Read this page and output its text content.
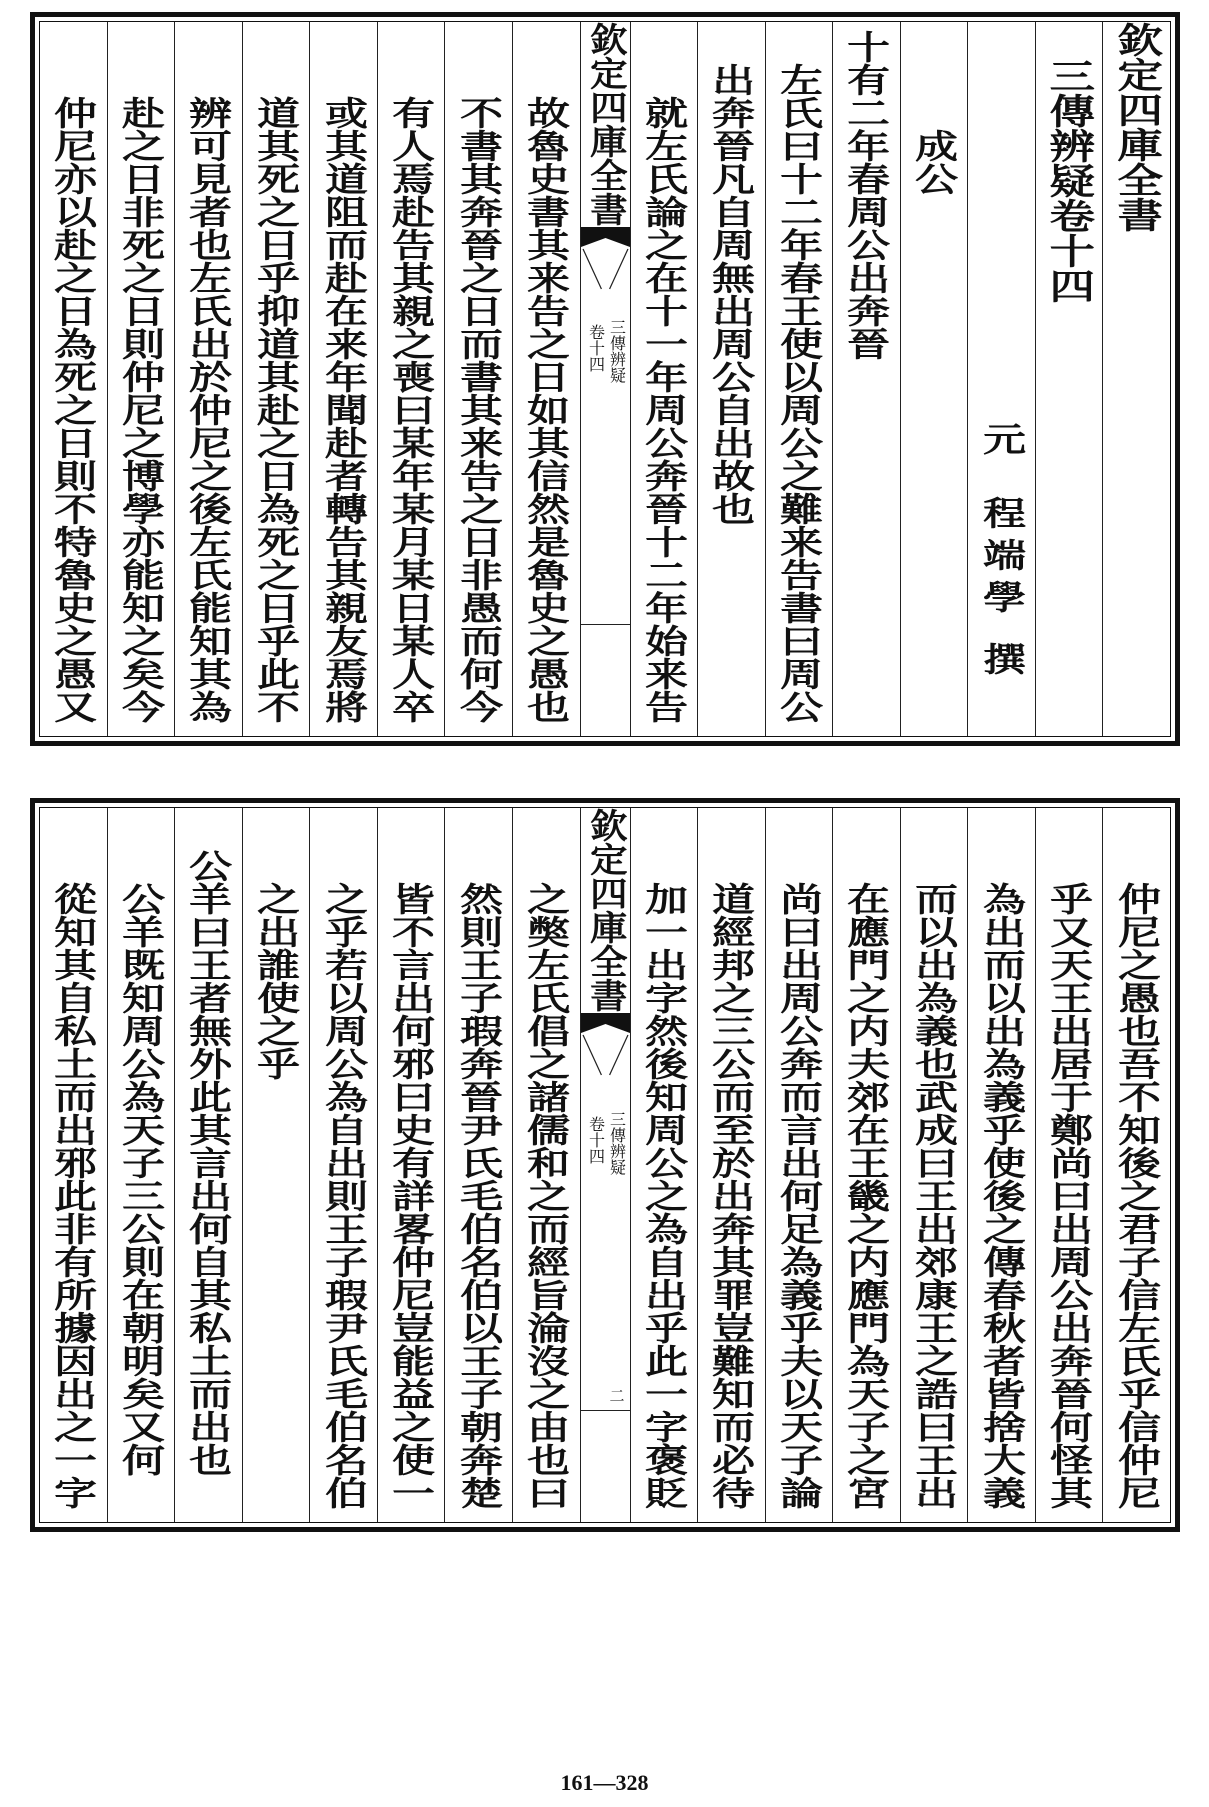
欽定四庫全書
三傳辨疑卷十四
元
程端學
撰
成公
十有二年春周公出奔晉
左氏曰十二年春王使以周公之難来告書曰周公
出奔晉凡自周無出周公自出故也
就左氏論之在十一年周公奔晉十二年始来告
欽定四庫全書
三傳辨疑
卷十四
故魯史書其来告之日如其信然是魯史之愚也
不書其奔晉之日而書其来告之日非愚而何今
有人焉赴告其親之喪曰某年某月某日某人卒
或其道阻而赴在来年聞赴者轉告其親友焉將
道其死之日乎抑道其赴之日為死之日乎此不
辨可見者也左氏出於仲尼之後左氏能知其為
赴之日非死之日則仲尼之博學亦能知之矣今
仲尼亦以赴之日為死之日則不特魯史之愚又
仲尼之愚也吾不知後之君子信左氏乎信仲尼
乎又天王出居于鄭尚曰出周公出奔晉何怪其
為出而以出為義乎使後之傳春秋者皆捨大義
而以出為義也武成曰王出郊康王之誥曰王出
在應門之内夫郊在王畿之内應門為天子之宮
尚曰出周公奔而言出何足為義乎夫以天子論
道經邦之三公而至於出奔其罪豈難知而必待
加一出字然後知周公之為自出乎此一字褒貶
欽定四庫全書
三傳辨疑
卷十四
二
之獘左氏倡之諸儒和之而經旨淪沒之由也曰
然則王子瑕奔晉尹氏毛伯名伯以王子朝奔楚
皆不言出何邪曰史有詳畧仲尼豈能益之使一
之乎若以周公為自出則王子瑕尹氏毛伯名伯
之出誰使之乎
公羊曰王者無外此其言出何自其私土而出也
公羊既知周公為天子三公則在朝明矣又何
從知其自私土而出邪此非有所據因出之一字
161—328
